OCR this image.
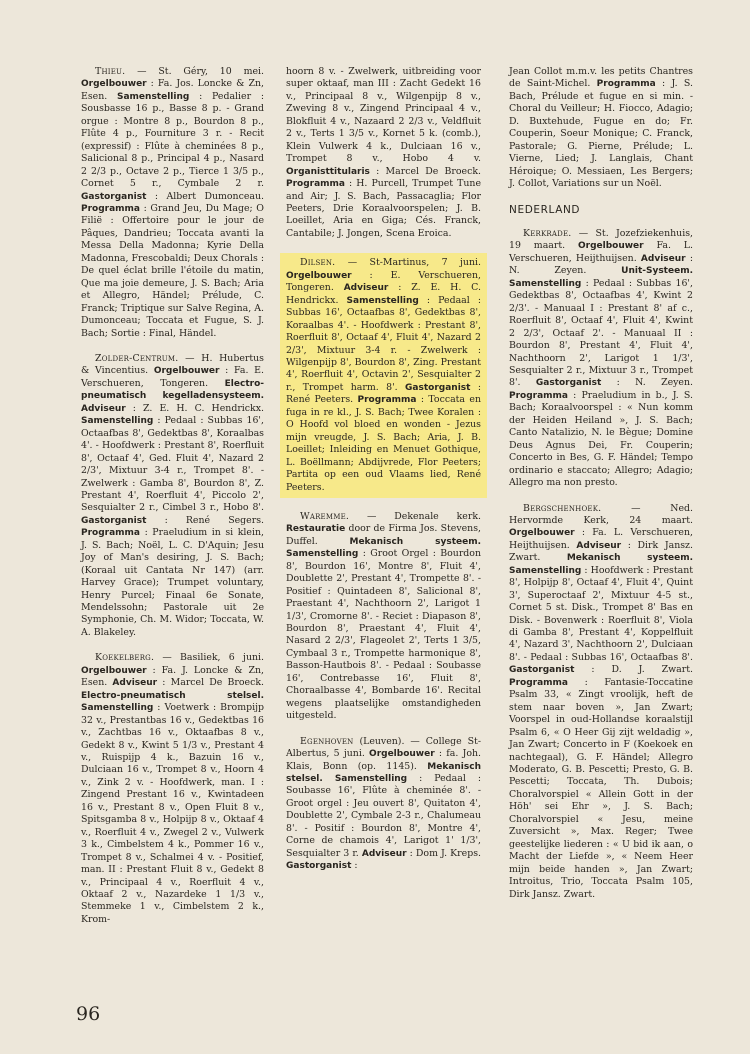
Thieu. — St. Géry, 10 mei. Orgelbouwer : Fa. Jos. Loncke & Zn, Esen. Samenstelling : Pedalier : Sousbasse 16 p., Basse 8 p. - Grand orgue : Montre 8 p., Bourdon 8 p., Flûte 4 p., Fourniture 3 r. - Recit (expressif) : Flûte à cheminées 8 p., Salicional 8 p., Principal 4 p., Nasard 2 2/3 p., Octave 2 p., Tierce 1 3/5 p., Cornet 5 r., Cymbale 2 r. Gastorganist : Albert Dumonceau. Programma : Grand Jeu, Du Mage; O Filië : Offertoire pour le jour de Pâques, Dandrieu; Toccata avanti la Messa Della Madonna; Kyrie Della Madonna, Frescobaldi; Deux Chorals : De quel éclat brille l'étoile du matin, Que ma joie demeure, J. S. Bach; Aria et Allegro, Händel; Prélude, C. Franck; Triptique sur Salve Regina, A. Dumonceau; Toccata et Fugue, S. J. Bach; Sortie : Final, Händel.

Zolder-Centrum. — H. Hubertus & Vincentius. Orgelbouwer : Fa. E. Verschueren, Tongeren. Electro-pneumatisch kegelladensysteem. Adviseur : Z. E. H. C. Hendrickx. Samenstelling : Pedaal : Subbas 16', Octaafbas 8', Gedektbas 8', Koraalbas 4'. - Hoofdwerk : Prestant 8', Roerfluit 8', Octaaf 4', Ged. Fluit 4', Nazard 2 2/3', Mixtuur 3-4 r., Trompet 8'. - Zwelwerk : Gamba 8', Bourdon 8', Z. Prestant 4', Roerfluit 4', Piccolo 2', Sesquialter 2 r., Cimbel 3 r., Hobo 8'. Gastorganist : René Segers. Programma : Praeludium in si klein, J. S. Bach; Noël, L. C. D'Aquin; Jesu Joy of Man's desiring, J. S. Bach; (Koraal uit Cantata Nr 147) (arr. Harvey Grace); Trumpet voluntary, Henry Purcel; Finaal 6e Sonate, Mendelssohn; Pastorale uit 2e Symphonie, Ch. M. Widor; Toccata, W. A. Blakeley.

Koekelberg. — Basiliek, 6 juni. Orgelbouwer : Fa. J. Loncke & Zn, Esen. Adviseur : Marcel De Broeck. Electro-pneumatisch stelsel. Samenstelling : Voetwerk : Brompijp 32 v., Prestantbas 16 v., Gedektbas 16 v., Zachtbas 16 v., Oktaafbas 8 v., Gedekt 8 v., Kwint 5 1/3 v., Prestant 4 v., Ruispijp 4 k., Bazuin 16 v., Dulciaan 16 v., Trompet 8 v., Hoorn 4 v., Zink 2 v. - Hoofdwerk, man. I : Zingend Prestant 16 v., Kwintadeen 16 v., Prestant 8 v., Open Fluit 8 v., Spitsgamba 8 v., Holpijp 8 v., Oktaaf 4 v., Roerfluit 4 v., Zwegel 2 v., Vulwerk 3 k., Cimbelstem 4 k., Pommer 16 v., Trompet 8 v., Schalmei 4 v. - Positief, man. II : Prestant Fluit 8 v., Gedekt 8 v., Principaal 4 v., Roerfluit 4 v., Oktaaf 2 v., Nazardeke 1 1/3 v., Stemmeke 1 v., Cimbelstem 2 k., Krom-

hoorn 8 v. - Zwelwerk, uitbreiding voor super oktaaf, man III : Zacht Gedekt 16 v., Principaal 8 v., Wilgenpijp 8 v., Zweving 8 v., Zingend Principaal 4 v., Blokfluit 4 v., Nazaard 2 2/3 v., Veldfluit 2 v., Terts 1 3/5 v., Kornet 5 k. (comb.), Klein Vulwerk 4 k., Dulciaan 16 v., Trompet 8 v., Hobo 4 v. Organisttitularis : Marcel De Broeck. Programma : H. Purcell, Trumpet Tune and Air; J. S. Bach, Passacaglia; Flor Peeters, Drie Koraalvoorspelen; J. B. Loeillet, Aria en Giga; Cés. Franck, Cantabile; J. Jongen, Scena Eroica.

Dilsen. — St-Martinus, 7 juni. Orgelbouwer : E. Verschueren, Tongeren. Adviseur : Z. E. H. C. Hendrickx. Samenstelling : Pedaal : Subbas 16', Octaafbas 8', Gedektbas 8', Koraalbas 4'. - Hoofdwerk : Prestant 8', Roerfluit 8', Octaaf 4', Fluit 4', Nazard 2 2/3', Mixtuur 3-4 r. - Zwelwerk : Wilgenpijp 8', Bourdon 8', Zing. Prestant 4', Roerfluit 4', Octavin 2', Sesquialter 2 r., Trompet harm. 8'. Gastorganist : René Peeters. Programma : Toccata en fuga in re kl., J. S. Bach; Twee Koralen : O Hoofd vol bloed en wonden - Jezus mijn vreugde, J. S. Bach; Aria, J. B. Loeillet; Inleiding en Menuet Gothique, L. Boëllmann; Abdijvrede, Flor Peeters; Partita op een oud Vlaams lied, René Peeters.

Waremme. — Dekenale kerk. Restauratie door de Firma Jos. Stevens, Duffel. Mekanisch systeem. Samenstelling : Groot Orgel : Bourdon 8', Bourdon 16', Montre 8', Fluit 4', Doublette 2', Prestant 4', Trompette 8'. - Positief : Quintadeen 8', Salicional 8', Praestant 4', Nachthoorn 2', Larigot 1 1/3', Cromorne 8'. - Reciet : Diapason 8', Bourdon 8', Praestant 4', Fluit 4', Nasard 2 2/3', Flageolet 2', Terts 1 3/5, Cymbaal 3 r., Trompette harmonique 8', Basson-Hautbois 8'. - Pedaal : Soubasse 16', Contrebasse 16', Fluit 8', Choraalbasse 4', Bombarde 16'. Recital wegens plaatselijke omstandigheden uitgesteld.

Egenhoven (Leuven). — College St-Albertus, 5 juni. Orgelbouwer : fa. Joh. Klais, Bonn (op. 1145). Mekanisch stelsel. Samenstelling : Pedaal : Soubasse 16', Flûte à cheminée 8'. - Groot orgel : Jeu ouvert 8', Quitaton 4', Doublette 2', Cymbale 2-3 r., Chalumeau 8'. - Positif : Bourdon 8', Montre 4', Corne de chamois 4', Larigot 1' 1/3', Sesquialter 3 r. Adviseur : Dom J. Kreps. Gastorganist :

Jean Collot m.m.v. les petits Chantres de Saint-Michel. Programma : J. S. Bach, Prélude et fugue en si min. - Choral du Veilleur; H. Fiocco, Adagio; D. Buxtehude, Fugue en do; Fr. Couperin, Soeur Monique; C. Franck, Pastorale; G. Pierne, Prélude; L. Vierne, Lied; J. Langlais, Chant Héroique; O. Messiaen, Les Bergers; J. Collot, Variations sur un Noël.

NEDERLAND

Kerkrade. — St. Jozefziekenhuis, 19 maart. Orgelbouwer Fa. L. Verschueren, Heijthuijsen. Adviseur : N. Zeyen. Unit-Systeem. Samenstelling : Pedaal : Subbas 16', Gedektbas 8', Octaafbas 4', Kwint 2 2/3'. - Manuaal I : Prestant 8' af c., Roerfluit 8', Octaaf 4', Fluit 4', Kwint 2 2/3', Octaaf 2'. - Manuaal II : Bourdon 8', Prestant 4', Fluit 4', Nachthoorn 2', Larigot 1 1/3', Sesquialter 2 r., Mixtuur 3 r., Trompet 8'. Gastorganist : N. Zeyen. Programma : Praeludium in b., J. S. Bach; Koraalvoorspel : « Nun komm der Heiden Heiland », J. S. Bach; Canto Natalizio, N. le Bègue; Domine Deus Agnus Dei, Fr. Couperin; Concerto in Bes, G. F. Händel; Tempo ordinario e staccato; Allegro; Adagio; Allegro ma non presto.

Bergschenhoek. — Ned. Hervormde Kerk, 24 maart. Orgelbouwer : Fa. L. Verschueren, Heijthuijsen. Adviseur : Dirk Jansz. Zwart. Mekanisch systeem. Samenstelling : Hoofdwerk : Prestant 8', Holpijp 8', Octaaf 4', Fluit 4', Quint 3', Superoctaaf 2', Mixtuur 4-5 st., Cornet 5 st. Disk., Trompet 8' Bas en Disk. - Bovenwerk : Roerfluit 8', Viola di Gamba 8', Prestant 4', Koppelfluit 4', Nazard 3', Nachthoorn 2', Dulciaan 8'. - Pedaal : Subbas 16', Octaafbas 8'. Gastorganist : D. J. Zwart. Programma : Fantasie-Toccatine Psalm 33, « Zingt vroolijk, heft de stem naar boven », Jan Zwart; Voorspel in oud-Hollandse koraalstijl Psalm 6, « O Heer Gij zijt weldadig », Jan Zwart; Concerto in F (Koekoek en nachtegaal), G. F. Händel; Allegro Moderato, G. B. Pescetti; Presto, G. B. Pescetti; Toccata, Th. Dubois; Choralvorspiel « Allein Gott in der Höh' sei Ehr », J. S. Bach; Choralvorspiel « Jesu, meine Zuversicht », Max. Reger; Twee geestelijke liederen : « U bid ik aan, o Macht der Liefde », « Neem Heer mijn beide handen », Jan Zwart; Introitus, Trio, Toccata Psalm 105, Dirk Jansz. Zwart.

96
